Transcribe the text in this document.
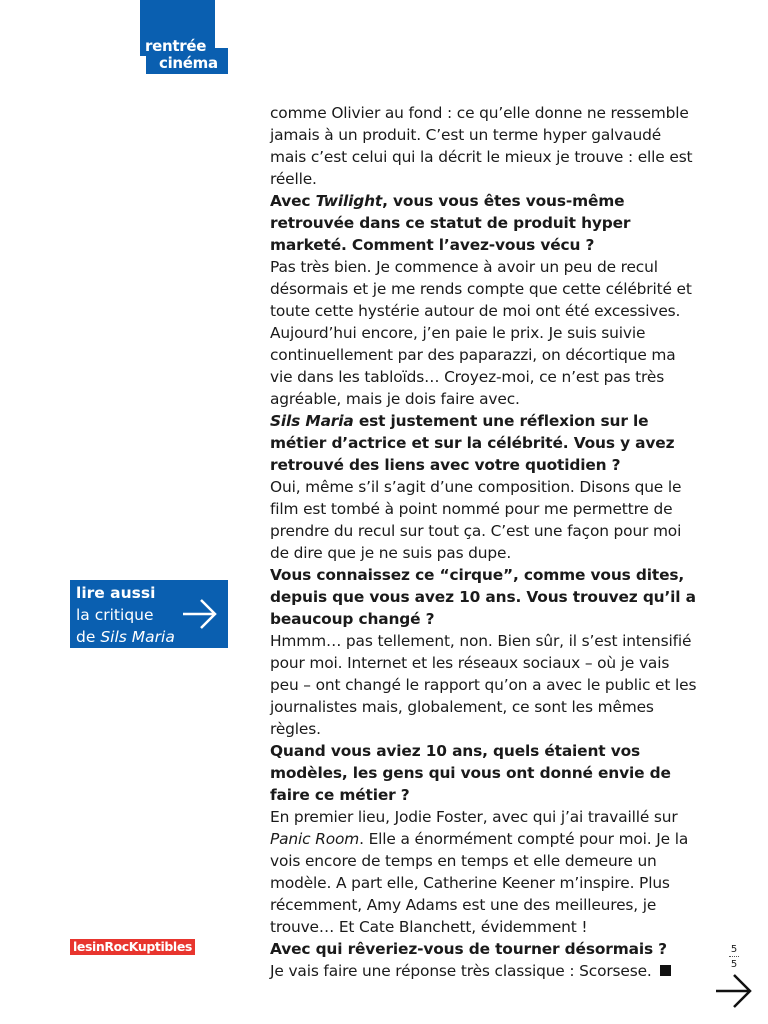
rentrée
cinéma

comme Olivier au fond : ce qu’elle donne ne ressemble jamais à un produit. C’est un terme hyper galvaudé mais c’est celui qui la décrit le mieux je trouve : elle est réelle.

Avec Twilight, vous vous êtes vous-même retrouvée dans ce statut de produit hyper marketé. Comment l’avez-vous vécu ?

Pas très bien. Je commence à avoir un peu de recul désormais et je me rends compte que cette célébrité et toute cette hystérie autour de moi ont été excessives. Aujourd’hui encore, j’en paie le prix. Je suis suivie continuellement par des paparazzi, on décortique ma vie dans les tabloïds… Croyez-moi, ce n’est pas très agréable, mais je dois faire avec.

Sils Maria est justement une réflexion sur le métier d’actrice et sur la célébrité. Vous y avez retrouvé des liens avec votre quotidien ?

Oui, même s’il s’agit d’une composition. Disons que le film est tombé à point nommé pour me permettre de prendre du recul sur tout ça. C’est une façon pour moi de dire que je ne suis pas dupe.

Vous connaissez ce “cirque”, comme vous dites, depuis que vous avez 10 ans. Vous trouvez qu’il a beaucoup changé ?

Hmmm… pas tellement, non. Bien sûr, il s’est intensifié pour moi. Internet et les réseaux sociaux – où je vais peu – ont changé le rapport qu’on a avec le public et les journalistes mais, globalement, ce sont les mêmes règles.

Quand vous aviez 10 ans, quels étaient vos modèles, les gens qui vous ont donné envie de faire ce métier ?

En premier lieu, Jodie Foster, avec qui j’ai travaillé sur Panic Room. Elle a énormément compté pour moi. Je la vois encore de temps en temps et elle demeure un modèle. A part elle, Catherine Keener m’inspire. Plus récemment, Amy Adams est une des meilleures, je trouve… Et Cate Blanchett, évidemment !

Avec qui rêveriez-vous de tourner désormais ?

Je vais faire une réponse très classique : Scorsese.

lire aussi
la critique
de Sils Maria
lesinRocKuptibles	5
5
